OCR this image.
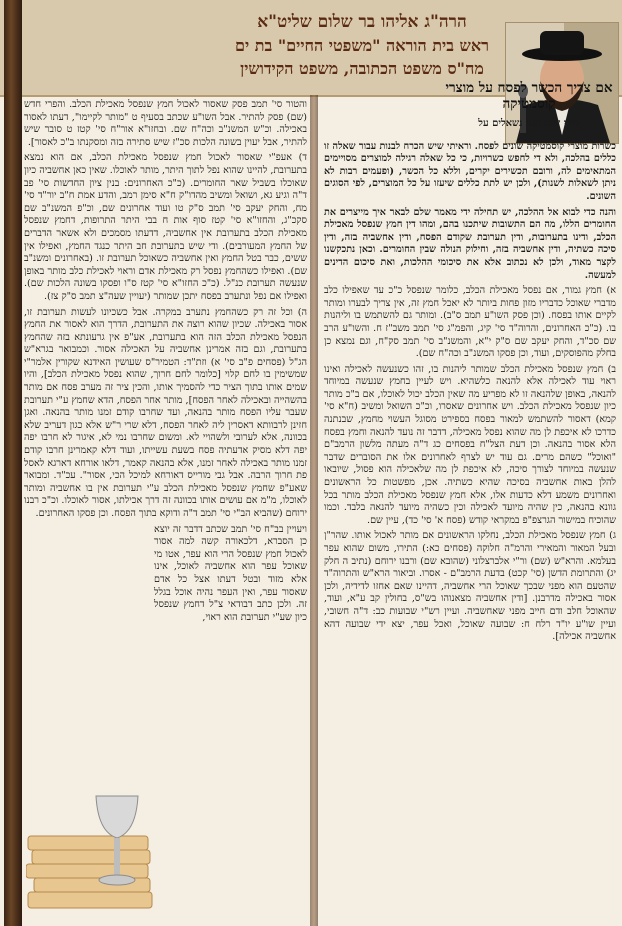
הרה"ג אליהו בר שלום שליט"א
ראש בית הוראה "משפטי החיים" בת ים
מח"ס משפט הכתובה, משפט הקידושין
אם צריך הכשר לפסח על מוצרי קוסמטיקה
מידי שנה הננו נשאלים על

כשרות מוצרי קוסמטיקה שונים לפסח. וראיתי שיש הכרח לבנות עבור שאלה זו כללים בהלכה, ולא די לחפש כשרויות, כי כל שאלה רגילה למוצרים מסויימים המתאימים לה, ורובם תכשירים יקרים, וללא כל הכשר, (ופעמים רבות לא ניתן לשאלות לשנות), ולכן יש לתת כללים שיעזו על כל המוצרים, לפי הסוגים השונים.

והנה כדי לבוא אל ההלכה, יש תחילה ידי מאמר שלם לבאר איך מייצרים את החומרים הללו, מה הם התשובות שיתכנו בהם, ומהו דין חמץ שנפסל מאכילת הכלב, ודינו בתערובות, ודין תערובת שקודם הפסח, ודין אחשביה בזה, ודין סיכה כשתיה, ודין אחשביה בזה, וחילוק הנולה שבין החומרים. וכאן נתכקשנו לקצר מאוד, ולכן לא נכתוב אלא את סיכומי ההלכות, ואת סיכום הדינים למעשה.

א) חמץ גמור, אם נפסל מאכילת הכלב, כלומר שנפסל כ"כ עד שאפילו כלב מדברי שאוכל כדבריו מזון פחות ביותר לא יאכל חמץ זה, אין צריך לבערו ומותר לקיים אותו בפסח. (וכן פסק השו"ע תמב ס"ב). ומותר גם להשתמש בו וליהנות בו. (כ"כ האחרונים, והרוה"ד סי' קיג, והפמ"ג סי' תמב משב"ז ח. והשו"ע הרב שם סכ"ד, והחק יעקב שם ס"ק י"א, והמשנ"ב סי' תמב סק"ח, וגם נמצא כן בחלק מהפוסקים, ועוד, וכן פסקו המשנ"ב וכה"ח שם).

ב) חמץ שנפסל מאכילת הכלב שמותר ליהנות בו, זהו כשנעשה לאכילה ואינו ראוי עוד לאכילה אלא להנאה כלשהיא. ויש לעיין בחמץ שנעשה במיוחד להנאה, באופן שלהנאה זו לא מפריע מה שאין הכלב יכול לאוכלו, אם ב"כ מותר כיון שנפסל מאכילת הכלב. ויש אחרונים שאסרו, וכ"כ השואל ומשיב (ח"א סי' קמא) דאסור להשתמש למאור בפסח בספירט מסוגל העשוי מחמץ, שבנתנה כדרכו לא איכפת לן מה שהוא נפסל מאכילה, דדבר זה נועד להנאה וחמץ בפסח הלא אסור בהנאה. וכן דעת הצל"ח בפסחים כג ד"ה מעתה מלשון הרמב"ם "ואוכל" כשהם מרים. גם עוד יש לצרף לאחרונים אלו את הסוברים שדבר שנעשה במיוחד לצורך סיכה, לא איכפת לן מה שלאכילה הוא פסול, שיובאו להלן באות אחשביה בסיכה שהיא כשתיה. אכן, מפשטות כל הראשונים ואחרונים משמע דלא כדעות אלו, אלא חמץ שנפסל מאכילת הכלב מותר בכל גוונא בהנאה, כין שהיה מיועד לאכילה וכין כשהיה מיועד להנאה בלבד. וכמו שהוכיח במישור הגרצפ"פ במקראי קודש (פסח א' סי' כד), עיין שם.

ג) חמץ שנפסל מאכילת הכלב, נחלקו הראשונים אם מותר לאכול אותו. שהר"ן ובעל המאור והמאירי והרמ"ה חלוקה (פסחים כא:) התירו, משום שהוא עפר בעלמא. והרא"ש (שם) ור"י אלברצלוני (שהובא שם) ורבנו ירוחם (נתיב ה חלק יג) והתרומת הדשן (סי' קכט) בדעת הרמב"ם - אסרו. וביאור הרא"ש והתרוה"ד שהטעם הוא מפני שבכך שאוכל הרי אחשביה, דהיינו שאם אחזו לדידיה, ולכן אסור באכילה מדרבנן. [ודין אחשביה מצאנוהו בש"ס, בחולין קב ע"א, ועוד, שהאוכל חלב ודם חייב מפני שאחשביה. ועיין רש"י שבועות כב: ד"ה חשובי, ועיין שו"ע יו"ד רלח ח: שבועה שאוכל, ואכל עפר, יצא ידי שבועה דהא אחשביה אכילה].

והטור סי' תמב פסק שאסור לאכול חמץ שנפסל מאכילת הכלב. והפרי חדש (שם) פסק להתיר. אבל השו"ע שכתב בסעיף ט "מותר לקיימו", דעתו לאסור באכילה. וכ"ש המשנ"ב וכה"ח שם. ובחזו"א אור"ח סי' קטז ט סובר שיש להתיר, אבל יעוין בשונה הלכות סכ"ז שיש סתירה בזה ומסקנתו ב"כ לאסור].

ד) אעפ"י שאסור לאכול חמץ שנפסל מאכילת הכלב, אם הוא נמצא בתערובת, להיינו שהוא נפל לתוך היתר, מותר לאוכלו. שאין כאן אחשביה כיון שאוכלו בשביל שאר החומרים. (כ"כ האחרונים: בנין ציון החדשות סי' פב ד"ה וגיע גא, ושואל ומשיב מהדו"ק ח"א סימן רמב, והדע אמת ח"ב יור"ד סי' מח, והחק יעקב סי' תמב ס"ק טו ועוד אחרונים שם, וכ"פ המשנ"ב שם סקכ"ג, והחזו"א סי' קטז סוף אות ח בבי היתר התרופות, דחמץ שנפסל מאכילת הכלב בתערובת אין אחשביה, דדעתו מסמכים ולא אשאר הדברים של החמץ המעורבים). ודי שיש בתערובת חב היתר כנגד החמץ, ואפילו אין ששים, כבר בטל החמץ ואין אחשביה כשאוכל תערובת זו. (באחרונים ומשנ"ב שם). ואפילו כשהחמץ נפסל רק מאכילת אדם וראוי לאכילת כלב מותר באופן שנעשה תערובת כנ"ל. (כ"כ החזו"א סי' קטז ס"ו ופסקו בשונה הלכות שם). ואפילו אם נפל ונתערב בפסח יתכן שמותר (יעויין שעה"צ תמב ס"ק צז).

ה) וכל זה רק כשהחמץ נתערב במקרה. אבל כשכיונו לעשות תערובת זו, אסור באכילה. שכיון שהוא רוצה את התערובת, הדרך הוא לאסור את החמץ הנפסל מאכילת הכלב הזה הוא בתערובת, אע"פ אין גרעונתא בזה שהחמץ בתערובת, וגם בזה אמרינן אחשביה על האכילה אסור. וכמבואר בגרא"ש הג"ל (פסחים פ"ב סי' א) וזת"ד: הטמיר"ס שעושין האידנא שקורין אלמר"י שמשימין בו לחם קלוי [כלומר לחם חרוך, שהוא נפסל מאכילת הכלב], והיו שמים אותו בתוך הציר כדי להסמיך אותו, והכין ציר זה מערב פסח אם מותר בהשהייה ובאכילה לאחר הפסח], מותר אחר הפסח, הדא שחמץ ע"י תערובת שעבר עליו הפסח מותר בהנאה, ועד שחרבו קודם זמנו מותר בהנאה. ואגן חזינן לרבוותא דאסרין ליה לאחר הפסח, דלא שרי ר"ש אלא כגון דעריב שלא בכוונה, אלא לערובי ולשהויי לא. ומשום שחרבו נמי לא, איגור לא חרבו יפה יפה דלא מסיק אדעתיה פסח בשעת עשייתו, ועוד דלא קאמרינן חרבו קודם זמנו מותר באכילה לאחר זמנו, אלא בהנאה קאמר, דלאו אורחא דארגא לאסל פת חרוך הרבה. אבל גבי מורייס דאורחא למיכל הכי, אסור". עכ"ד. ומבואר שאע"פ שחמץ שנפסל מאכילת הכלב ע"י תערובת אין בו אחשביה ומותר לאוכלו, מ"מ אם עושים אותו בכוונה זה דרך אכילתו, אסור לאוכלו. וכ"כ רבנו ירוחם (שהביא הב"י סי' תמב ד"ה ודוקא בתוך הפסח. וכן פסקו האחרונים.

ויעויין בב"ח סי' תמב שכתב דדבר זה יוצא כן הסברא, דלכאורה קשה למה אסור לאכול חמץ שנפסל הרי הוא עפר, אטו מי שאוכל עפר הוא אחשביה לאוכל, אינו אלא מזוד ובטל דעתו אצל כל אדם שאסור עפר, ואין העפר נהיה אוכל בגלל זה. ולכן כתב דבודאי צ"ל דחמץ שנפסל כיון שע"י תערובת הוא ראוי,
